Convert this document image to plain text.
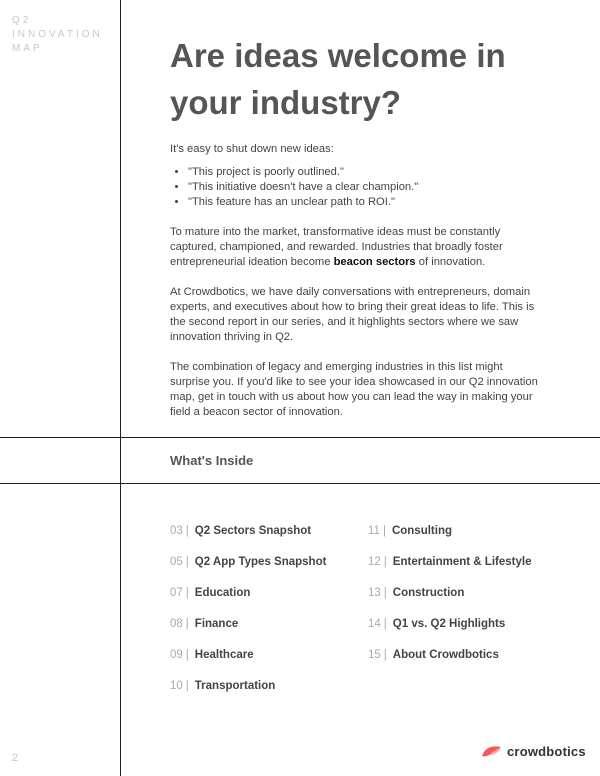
Q2
INNOVATION
MAP	Are ideas welcome in your industry?

It's easy to shut down new ideas:

• "This project is poorly outlined."
• "This initiative doesn't have a clear champion."
• "This feature has an unclear path to ROI."

To mature into the market, transformative ideas must be constantly captured, championed, and rewarded. Industries that broadly foster entrepreneurial ideation become beacon sectors of innovation.

At Crowdbotics, we have daily conversations with entrepreneurs, domain experts, and executives about how to bring their great ideas to life. This is the second report in our series, and it highlights sectors where we saw innovation thriving in Q2.

The combination of legacy and emerging industries in this list might surprise you. If you'd like to see your idea showcased in our Q2 innovation map, get in touch with us about how you can lead the way in making your field a beacon sector of innovation.

What's Inside
03 | Q2 Sectors Snapshot
05 | Q2 App Types Snapshot
07 | Education
08 | Finance
09 | Healthcare
10 | Transportation
11 | Consulting
12 | Entertainment & Lifestyle
13 | Construction
14 | Q1 vs. Q2 Highlights
15 | About Crowdbotics
2	crowdbotics
